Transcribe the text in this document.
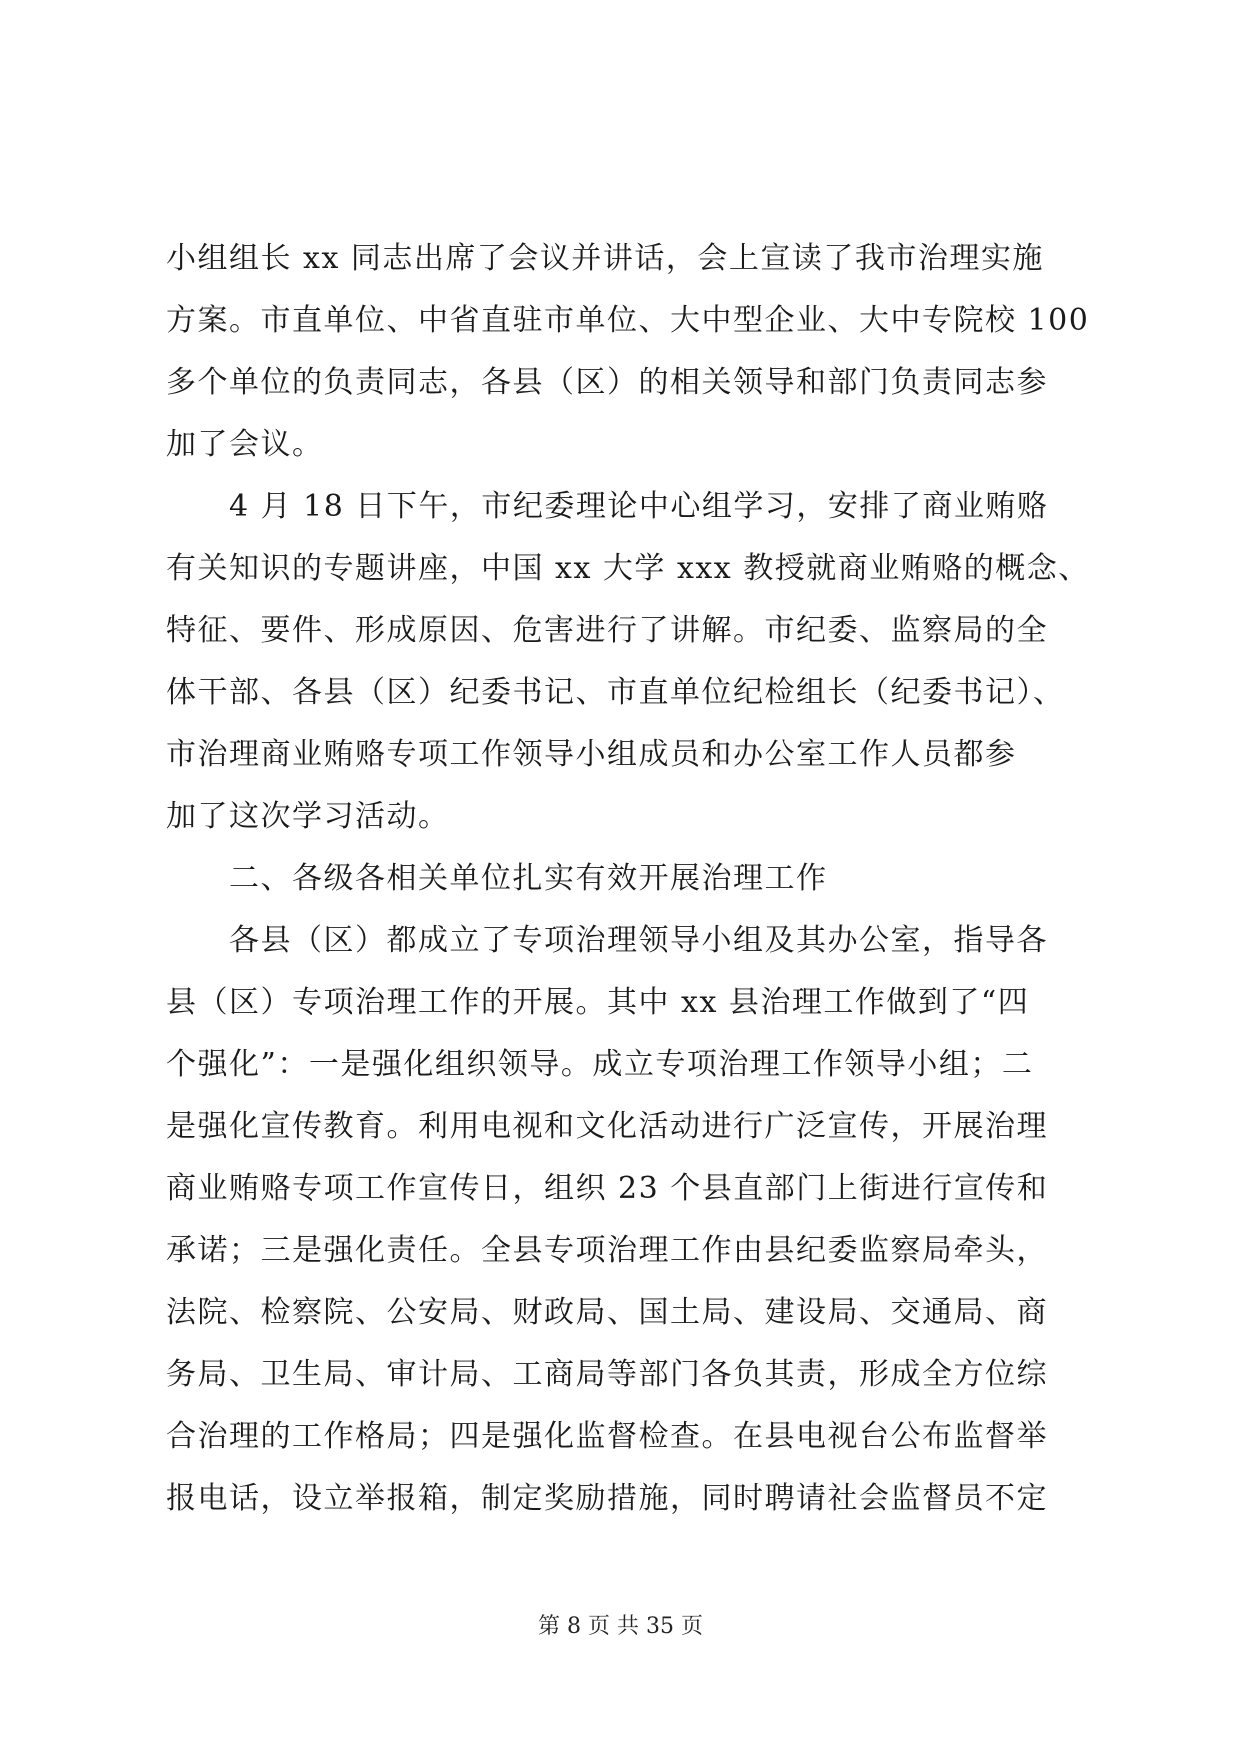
小组组长 xx 同志出席了会议并讲话，会上宣读了我市治理实施
方案。市直单位、中省直驻市单位、大中型企业、大中专院校 100
多个单位的负责同志，各县（区）的相关领导和部门负责同志参
加了会议。
　　4 月 18 日下午，市纪委理论中心组学习，安排了商业贿赂
有关知识的专题讲座，中国 xx 大学 xxx 教授就商业贿赂的概念、
特征、要件、形成原因、危害进行了讲解。市纪委、监察局的全
体干部、各县（区）纪委书记、市直单位纪检组长（纪委书记）、
市治理商业贿赂专项工作领导小组成员和办公室工作人员都参
加了这次学习活动。
　　二、各级各相关单位扎实有效开展治理工作
　　各县（区）都成立了专项治理领导小组及其办公室，指导各
县（区）专项治理工作的开展。其中 xx 县治理工作做到了“四
个强化”：一是强化组织领导。成立专项治理工作领导小组；二
是强化宣传教育。利用电视和文化活动进行广泛宣传，开展治理
商业贿赂专项工作宣传日，组织 23 个县直部门上街进行宣传和
承诺；三是强化责任。全县专项治理工作由县纪委监察局牵头，
法院、检察院、公安局、财政局、国土局、建设局、交通局、商
务局、卫生局、审计局、工商局等部门各负其责，形成全方位综
合治理的工作格局；四是强化监督检查。在县电视台公布监督举
报电话，设立举报箱，制定奖励措施，同时聘请社会监督员不定
第 8 页 共 35 页
